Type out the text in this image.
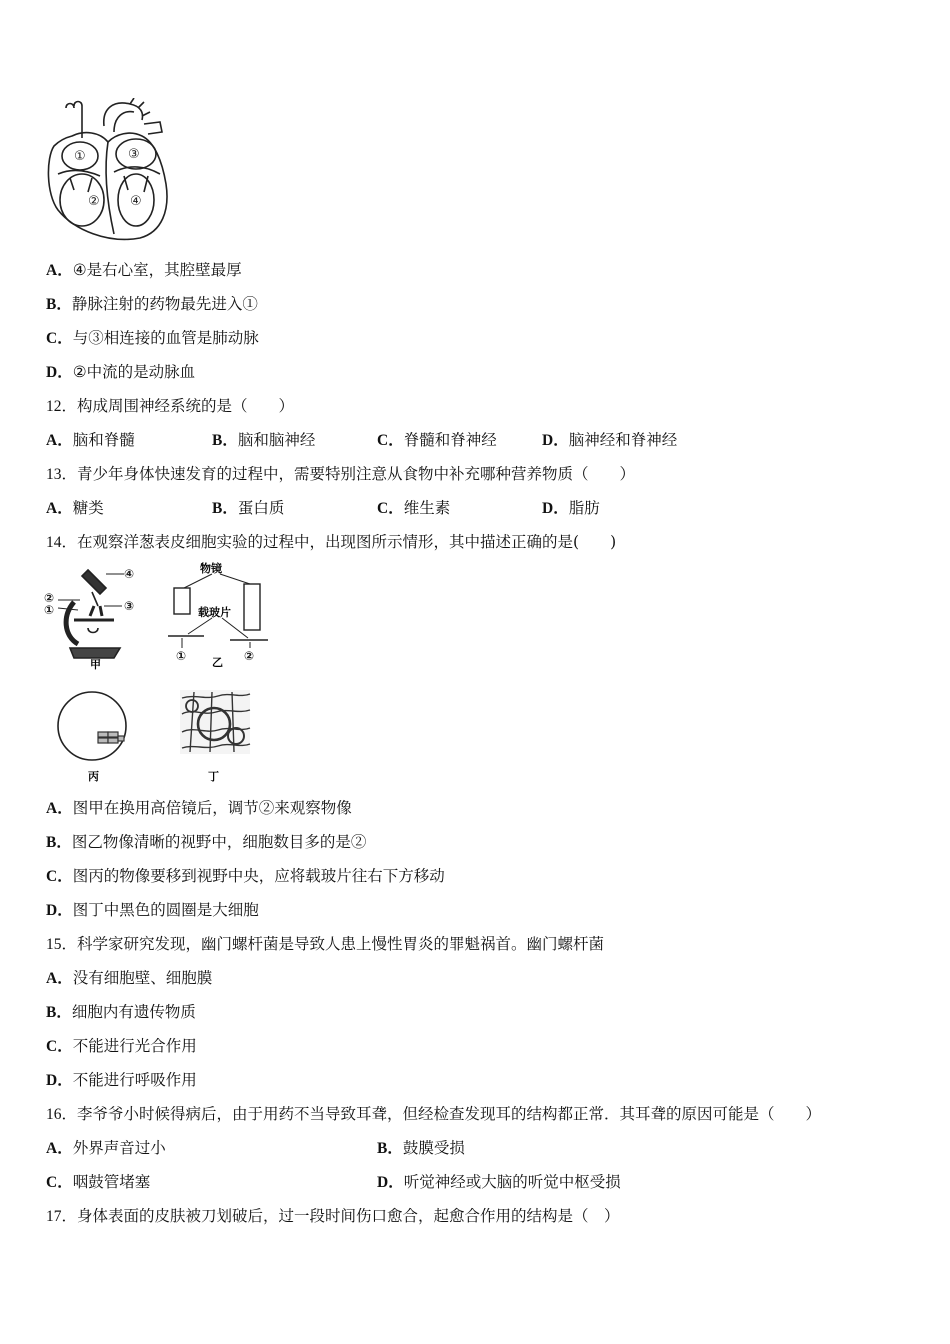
①
②
③
④
A．④是右心室，其腔壁最厚
B．静脉注射的药物最先进入①
C．与③相连接的血管是肺动脉
D．②中流的是动脉血
12．构成周围神经系统的是（　　）
A．脑和脊髓	B．脑和脑神经	C．脊髓和脊神经	D．脑神经和脊神经
13．青少年身体快速发育的过程中，需要特别注意从食物中补充哪种营养物质（　　）
A．糖类	B．蛋白质	C．维生素	D．脂肪
14．在观察洋葱表皮细胞实验的过程中，出现图所示情形，其中描述正确的是(　　)
④
②
①	③
甲
物镜
载玻片
①	②
乙
丙	丁
A．图甲在换用高倍镜后，调节②来观察物像
B．图乙物像清晰的视野中，细胞数目多的是②
C．图丙的物像要移到视野中央，应将载玻片往右下方移动
D．图丁中黑色的圆圈是大细胞
15．科学家研究发现，幽门螺杆菌是导致人患上慢性胃炎的罪魁祸首。幽门螺杆菌
A．没有细胞壁、细胞膜
B．细胞内有遗传物质
C．不能进行光合作用
D．不能进行呼吸作用
16．李爷爷小时候得病后，由于用药不当导致耳聋，但经检查发现耳的结构都正常．其耳聋的原因可能是（　　）
A．外界声音过小	B．鼓膜受损
C．咽鼓管堵塞	D．听觉神经或大脑的听觉中枢受损
17．身体表面的皮肤被刀划破后，过一段时间伤口愈合，起愈合作用的结构是（　）
